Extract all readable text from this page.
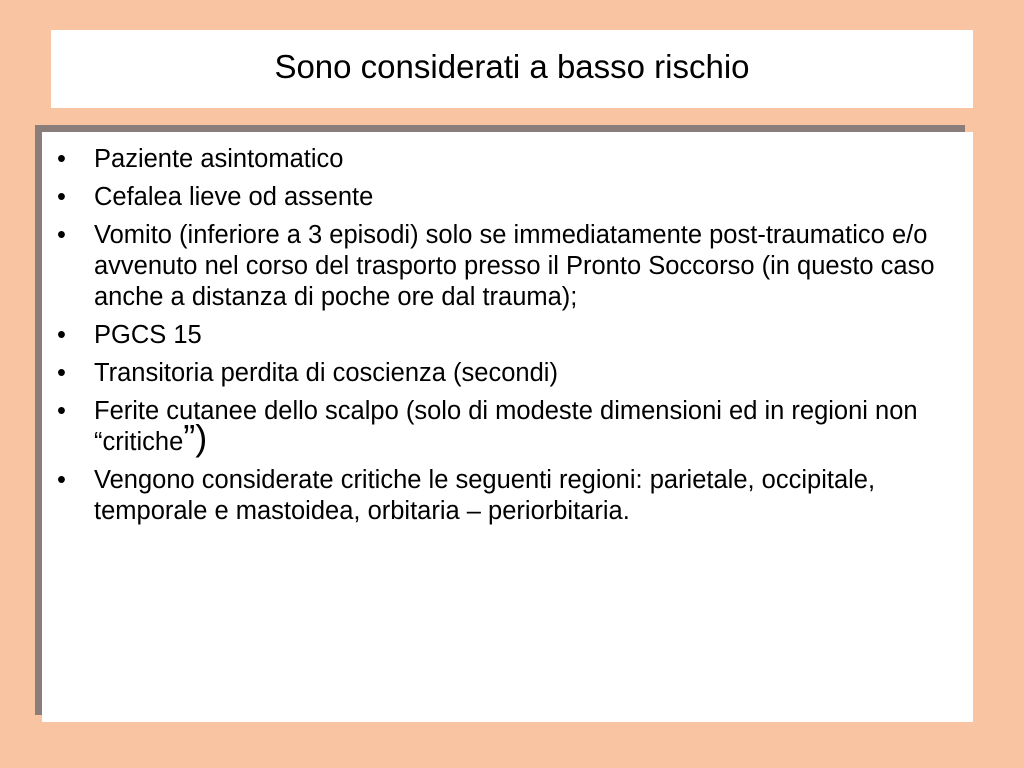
Sono considerati a basso rischio
•	Paziente asintomatico
•	Cefalea lieve od assente
•	Vomito (inferiore a 3 episodi) solo se immediatamente post-traumatico e/o avvenuto nel corso del trasporto presso il Pronto Soccorso (in questo caso anche a distanza di poche ore dal trauma);
•	PGCS 15
•	Transitoria perdita di coscienza (secondi)
•	Ferite cutanee dello scalpo (solo di modeste dimensioni ed in regioni non “critiche”)
•	Vengono considerate critiche le seguenti regioni: parietale, occipitale, temporale e mastoidea, orbitaria – periorbitaria.
